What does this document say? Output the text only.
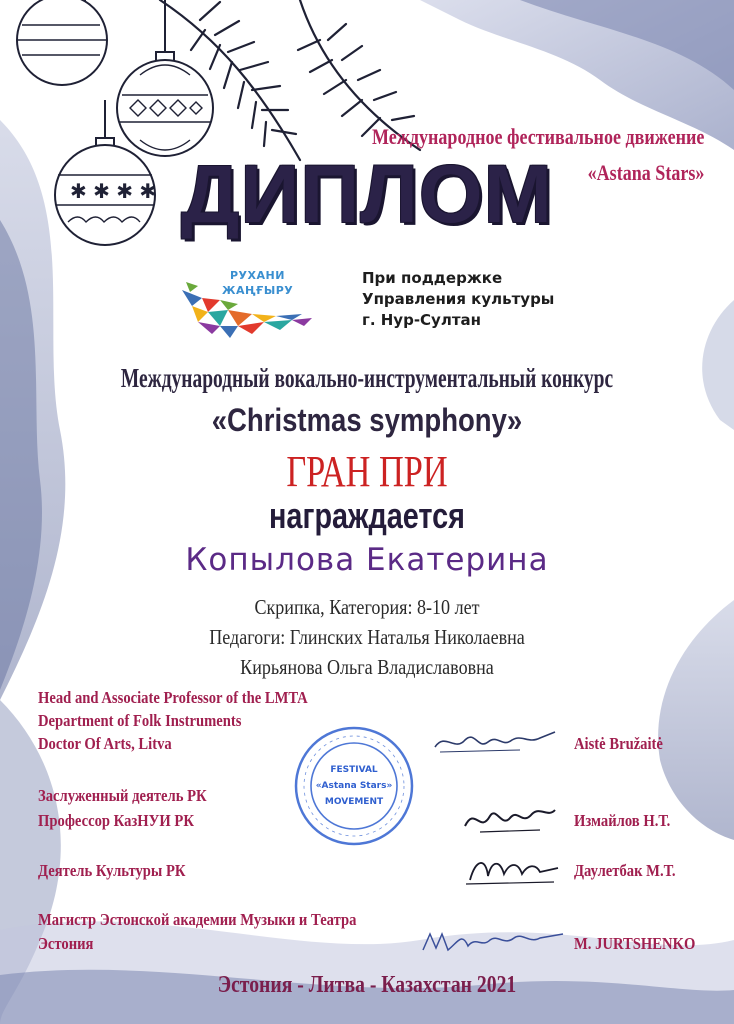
✱ ✱ ✱ ✱
Международное фестивальное движение
«Astana Stars»
ДИПЛОМ
РУХАНИ
ЖАҢҒЫРУ
При поддержке
Управления культуры
г. Нур-Султан
Международный вокально-инструментальный конкурс
«Christmas symphony»
ГРАН ПРИ
награждается
Копылова Екатерина
Скрипка, Категория: 8-10 лет
Педагоги: Глинских Наталья Николаевна
Кирьянова Ольга Владиславовна
Head and Associate Professor of the LMTA
Department of Folk Instruments
Doctor Of Arts, Litva	Aistė Bružaitė
Заслуженный деятель РК
Профессор КазНУИ РК	Измайлов Н.Т.
Деятель Культуры РК	Даулетбак М.Т.
Магистр Эстонской академии Музыки и Театра
Эстония	M. JURTSHENKO
FESTIVAL
«Astana Stars»
MOVEMENT
Эстония - Литва - Казахстан 2021
